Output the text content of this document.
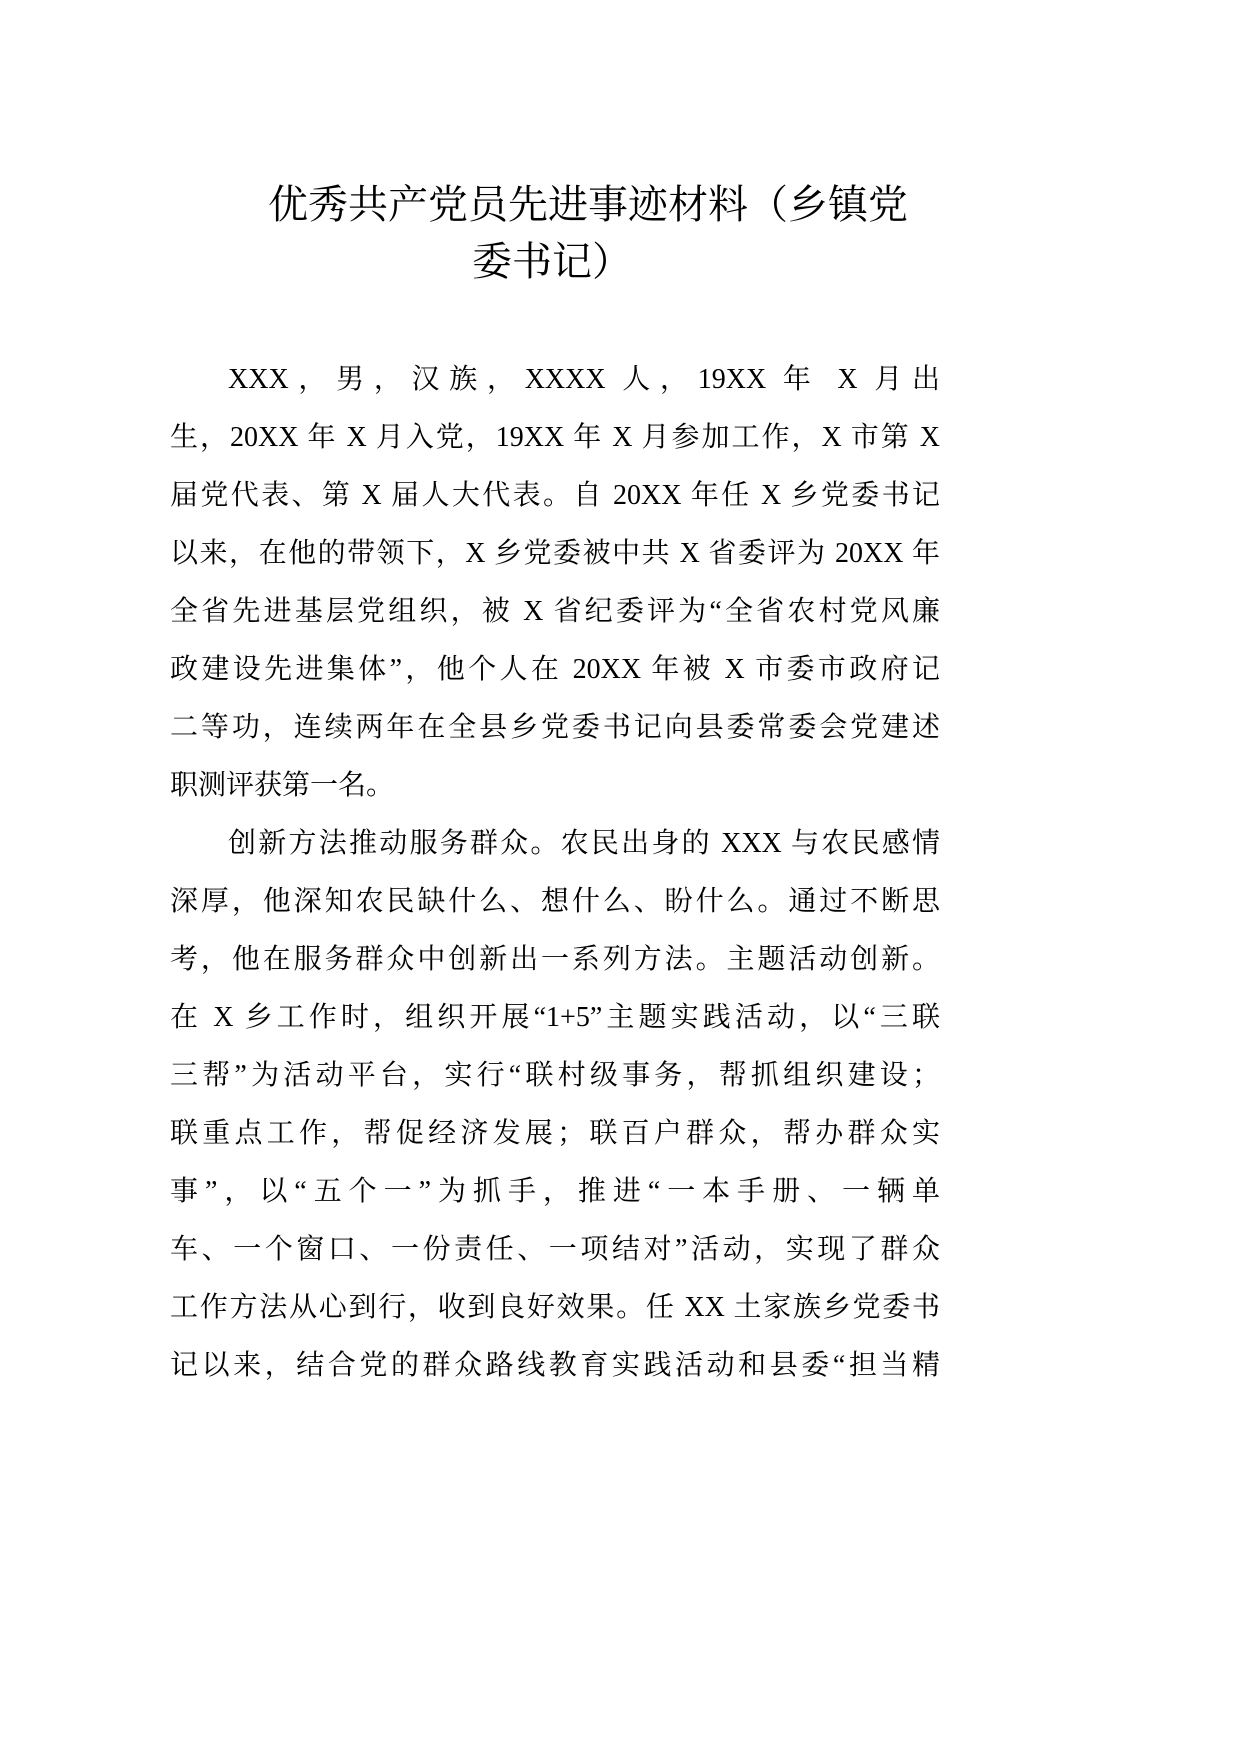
优秀共产党员先进事迹材料（乡镇党
委书记）
XXX，男，汉族，XXXX 人，19XX 年 X 月出
生，20XX 年 X 月入党，19XX 年 X 月参加工作，X 市第 X
届党代表、第 X 届人大代表。自 20XX 年任 X 乡党委书记
以来，在他的带领下，X 乡党委被中共 X 省委评为 20XX 年
全省先进基层党组织，被 X 省纪委评为“全省农村党风廉
政建设先进集体”，他个人在 20XX 年被 X 市委市政府记
二等功，连续两年在全县乡党委书记向县委常委会党建述
职测评获第一名。
创新方法推动服务群众。农民出身的 XXX 与农民感情
深厚，他深知农民缺什么、想什么、盼什么。通过不断思
考，他在服务群众中创新出一系列方法。主题活动创新。
在 X 乡工作时，组织开展“1+5”主题实践活动，以“三联
三帮”为活动平台，实行“联村级事务，帮抓组织建设；
联重点工作，帮促经济发展；联百户群众，帮办群众实
事”，以“五个一”为抓手，推进“一本手册、一辆单
车、一个窗口、一份责任、一项结对”活动，实现了群众
工作方法从心到行，收到良好效果。任 XX 土家族乡党委书
记以来，结合党的群众路线教育实践活动和县委“担当精
